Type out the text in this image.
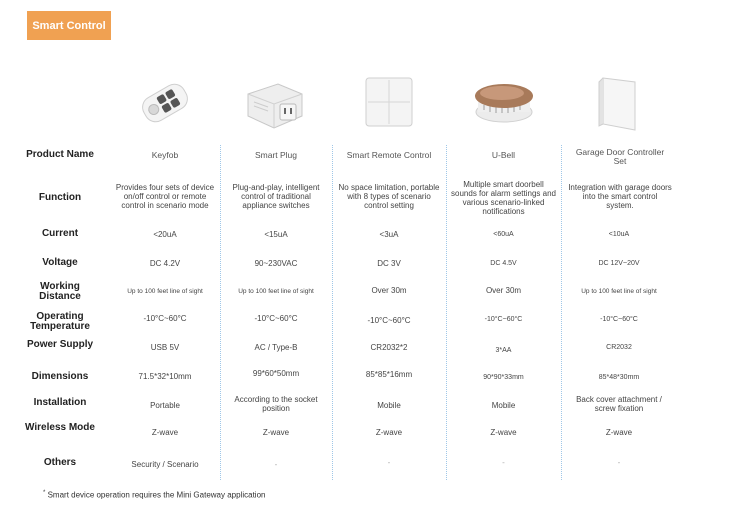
Smart Control
Product Name
Function
Current
Voltage
Working Distance
Operating Temperature
Power Supply
Dimensions
Installation
Wireless Mode
Others
Keyfob
Provides four sets of device on/off control or remote control in scenario mode
<20uA
DC 4.2V
Up to 100 feet line of sight
-10°C~60°C
USB 5V
71.5*32*10mm
Portable
Z-wave
Security / Scenario
Smart Plug
Plug-and-play, intelligent control of traditional appliance switches
<15uA
90~230VAC
Up to 100 feet line of sight
-10°C~60°C
AC / Type-B
99*60*50mm
According to the socket position
Z-wave
-
Smart Remote Control
No space limitation, portable with 8 types of scenario control setting
<3uA
DC 3V
Over 30m
-10°C~60°C
CR2032*2
85*85*16mm
Mobile
Z-wave
-
U-Bell
Multiple smart doorbell sounds for alarm settings and various scenario-linked notifications
<60uA
DC 4.5V
Over 30m
-10°C~60°C
3*AA
90*90*33mm
Mobile
Z-wave
-
Garage Door Controller Set
Integration with garage doors into the smart control system.
<10uA
DC 12V~20V
Up to 100 feet line of sight
-10°C~60°C
CR2032
85*48*30mm
Back cover attachment / screw fixation
Z-wave
-
* Smart device operation requires the Mini Gateway application
